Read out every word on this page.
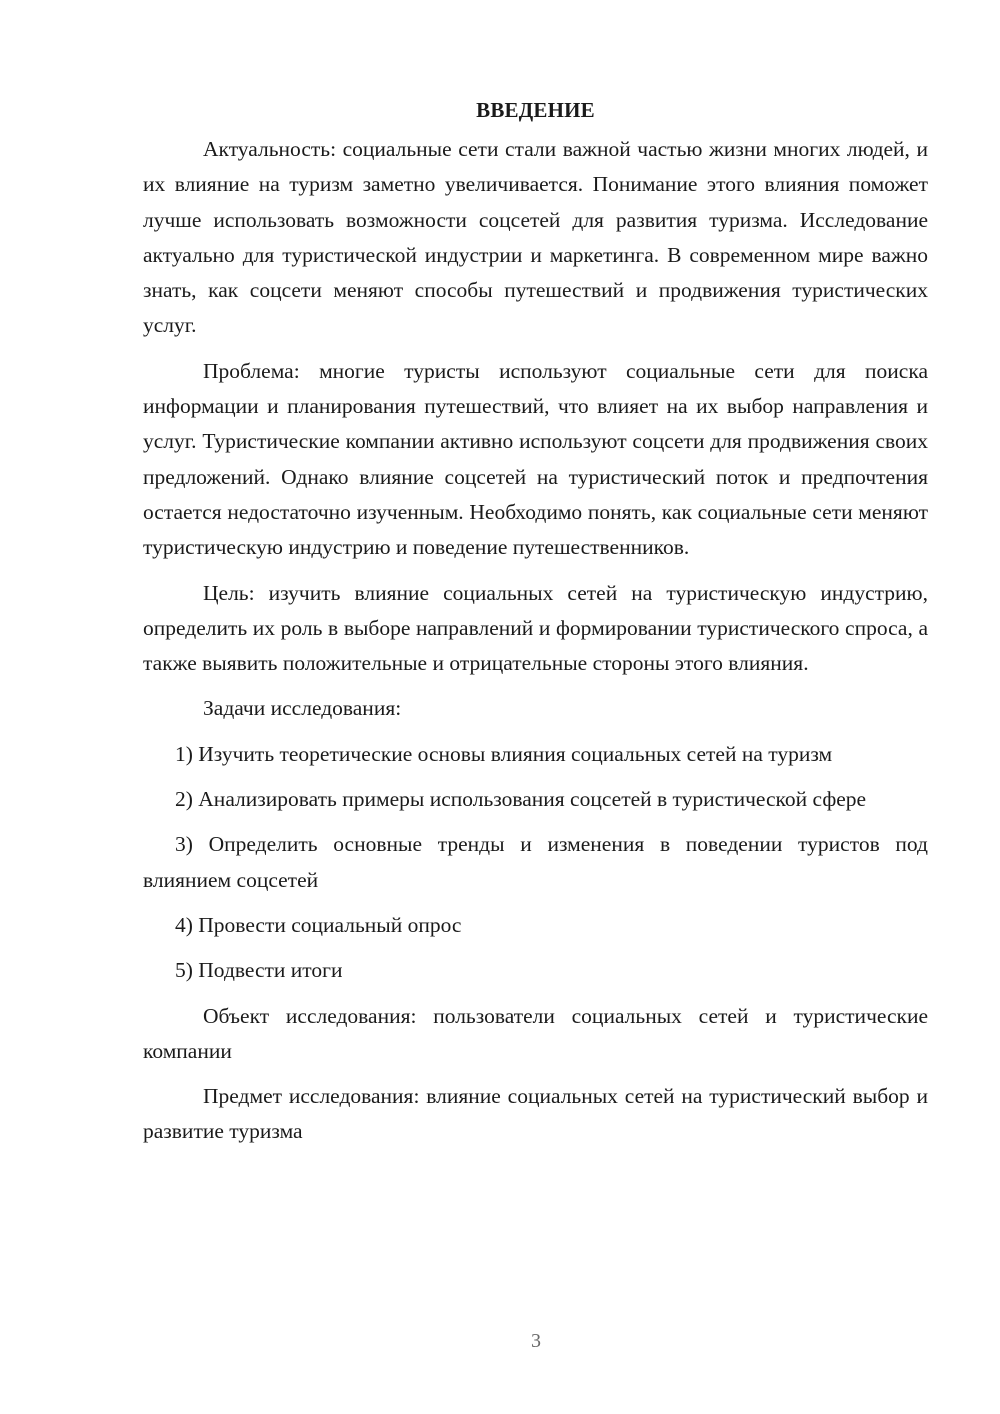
ВВЕДЕНИЕ

Актуальность: социальные сети стали важной частью жизни многих людей, и их влияние на туризм заметно увеличивается. Понимание этого влияния поможет лучше использовать возможности соцсетей для развития туризма. Исследование актуально для туристической индустрии и маркетинга. В современном мире важно знать, как соцсети меняют способы путешествий и продвижения туристических услуг.

Проблема: многие туристы используют социальные сети для поиска информации и планирования путешествий, что влияет на их выбор направления и услуг. Туристические компании активно используют соцсети для продвижения своих предложений. Однако влияние соцсетей на туристический поток и предпочтения остается недостаточно изученным. Необходимо понять, как социальные сети меняют туристическую индустрию и поведение путешественников.

Цель: изучить влияние социальных сетей на туристическую индустрию, определить их роль в выборе направлений и формировании туристического спроса, а также выявить положительные и отрицательные стороны этого влияния.

Задачи исследования:

1) Изучить теоретические основы влияния социальных сетей на туризм

2) Анализировать примеры использования соцсетей в туристической сфере

3) Определить основные тренды и изменения в поведении туристов под влиянием соцсетей

4) Провести социальный опрос

5) Подвести итоги

Объект исследования: пользователи социальных сетей и туристические компании

Предмет исследования: влияние социальных сетей на туристический выбор и развитие туризма

3
